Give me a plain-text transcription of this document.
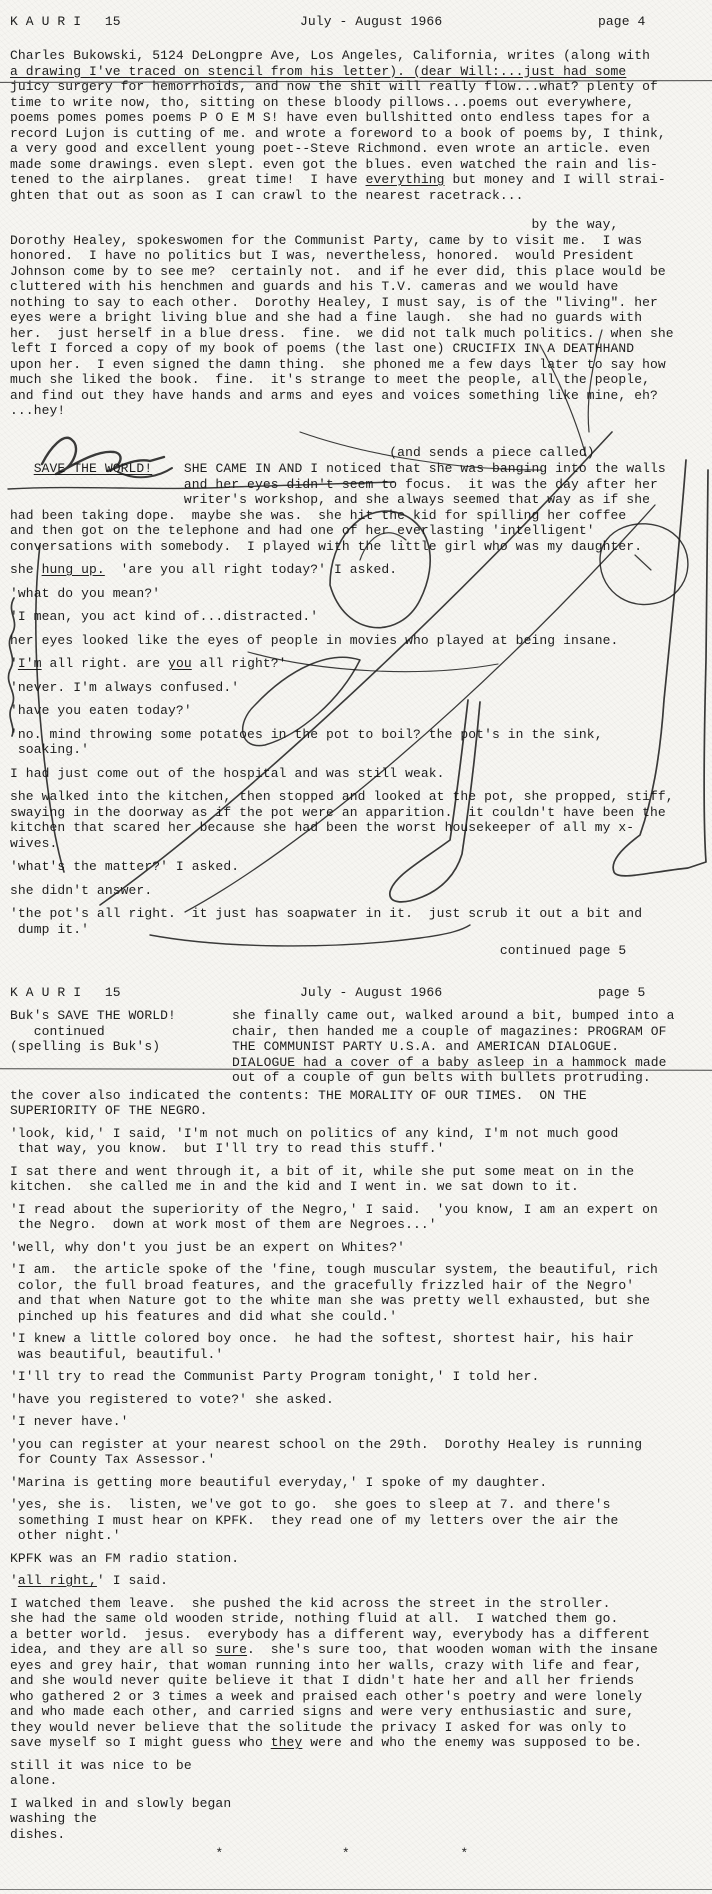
K A U R I   15	July - August 1966	page 4
Charles Bukowski, 5124 DeLongpre Ave, Los Angeles, California, writes (along with
a drawing I've traced on stencil from his letter). (dear Will:...just had some
juicy surgery for hemorrhoids, and now the shit will really flow...what? plenty of
time to write now, tho, sitting on these bloody pillows...poems out everywhere,
poems pomes pomes poems P O E M S! have even bullshitted onto endless tapes for a
record Lujon is cutting of me. and wrote a foreword to a book of poems by, I think,
a very good and excellent young poet--Steve Richmond. even wrote an article. even
made some drawings. even slept. even got the blues. even watched the rain and lis-
tened to the airplanes.  great time!  I have everything but money and I will strai-
ghten that out as soon as I can crawl to the nearest racetrack...
by the way,
Dorothy Healey, spokeswomen for the Communist Party, came by to visit me.  I was
honored.  I have no politics but I was, nevertheless, honored.  would President
Johnson come by to see me?  certainly not.  and if he ever did, this place would be
cluttered with his henchmen and guards and his T.V. cameras and we would have
nothing to say to each other.  Dorothy Healey, I must say, is of the "living". her
eyes were a bright living blue and she had a fine laugh.  she had no guards with
her.  just herself in a blue dress.  fine.  we did not talk much politics.  when she
left I forced a copy of my book of poems (the last one) CRUCIFIX IN A DEATHHAND
upon her.  I even signed the damn thing.  she phoned me a few days later to say how
much she liked the book.  fine.  it's strange to meet the people, all the people,
and find out they have hands and arms and eyes and voices something like mine, eh?
...hey!
(and sends a piece called)
SAVE THE WORLD!    SHE CAME IN AND I noticed that she was banging into the walls
and her eyes didn't seem to focus.  it was the day after her
writer's workshop, and she always seemed that way as if she
had been taking dope.  maybe she was.  she hit the kid for spilling her coffee
and then got on the telephone and had one of her everlasting 'intelligent'
conversations with somebody.  I played with the little girl who was my daughter.
she hung up.  'are you all right today?' I asked.
'what do you mean?'
'I mean, you act kind of...distracted.'
her eyes looked like the eyes of people in movies who played at being insane.
'I'm all right. are you all right?'
'never. I'm always confused.'
'have you eaten today?'
'no. mind throwing some potatoes in the pot to boil? the pot's in the sink,
soaking.'
I had just come out of the hospital and was still weak.
she walked into the kitchen, then stopped and looked at the pot, she propped, stiff,
swaying in the doorway as if the pot were an apparition.  it couldn't have been the
kitchen that scared her because she had been the worst housekeeper of all my x-
wives.
'what's the matter?' I asked.
she didn't answer.
'the pot's all right.  it just has soapwater in it.  just scrub it out a bit and
dump it.'
continued page 5
K A U R I   15	July - August 1966	page 5
Buk's SAVE THE WORLD!
continued
(spelling is Buk's)
she finally came out, walked around a bit, bumped into a
chair, then handed me a couple of magazines: PROGRAM OF
THE COMMUNIST PARTY U.S.A. and AMERICAN DIALOGUE.
DIALOGUE had a cover of a baby asleep in a hammock made
out of a couple of gun belts with bullets protruding.
the cover also indicated the contents: THE MORALITY OF OUR TIMES.  ON THE
SUPERIORITY OF THE NEGRO.
'look, kid,' I said, 'I'm not much on politics of any kind, I'm not much good
that way, you know.  but I'll try to read this stuff.'
I sat there and went through it, a bit of it, while she put some meat on in the
kitchen.  she called me in and the kid and I went in. we sat down to it.
'I read about the superiority of the Negro,' I said.  'you know, I am an expert on
the Negro.  down at work most of them are Negroes...'
'well, why don't you just be an expert on Whites?'
'I am.  the article spoke of the 'fine, tough muscular system, the beautiful, rich
color, the full broad features, and the gracefully frizzled hair of the Negro'
and that when Nature got to the white man she was pretty well exhausted, but she
pinched up his features and did what she could.'
'I knew a little colored boy once.  he had the softest, shortest hair, his hair
was beautiful, beautiful.'
'I'll try to read the Communist Party Program tonight,' I told her.
'have you registered to vote?' she asked.
'I never have.'
'you can register at your nearest school on the 29th.  Dorothy Healey is running
for County Tax Assessor.'
'Marina is getting more beautiful everyday,' I spoke of my daughter.
'yes, she is.  listen, we've got to go.  she goes to sleep at 7. and there's
something I must hear on KPFK.  they read one of my letters over the air the
other night.'
KPFK was an FM radio station.
'all right,' I said.
I watched them leave.  she pushed the kid across the street in the stroller.
she had the same old wooden stride, nothing fluid at all.  I watched them go.
a better world.  jesus.  everybody has a different way, everybody has a different
idea, and they are all so sure.  she's sure too, that wooden woman with the insane
eyes and grey hair, that woman running into her walls, crazy with life and fear,
and she would never quite believe it that I didn't hate her and all her friends
who gathered 2 or 3 times a week and praised each other's poetry and were lonely
and who made each other, and carried signs and were very enthusiastic and sure,
they would never believe that the solitude the privacy I asked for was only to
save myself so I might guess who they were and who the enemy was supposed to be.
still it was nice to be
alone.
I walked in and slowly began
washing the
dishes.
*               *              *
